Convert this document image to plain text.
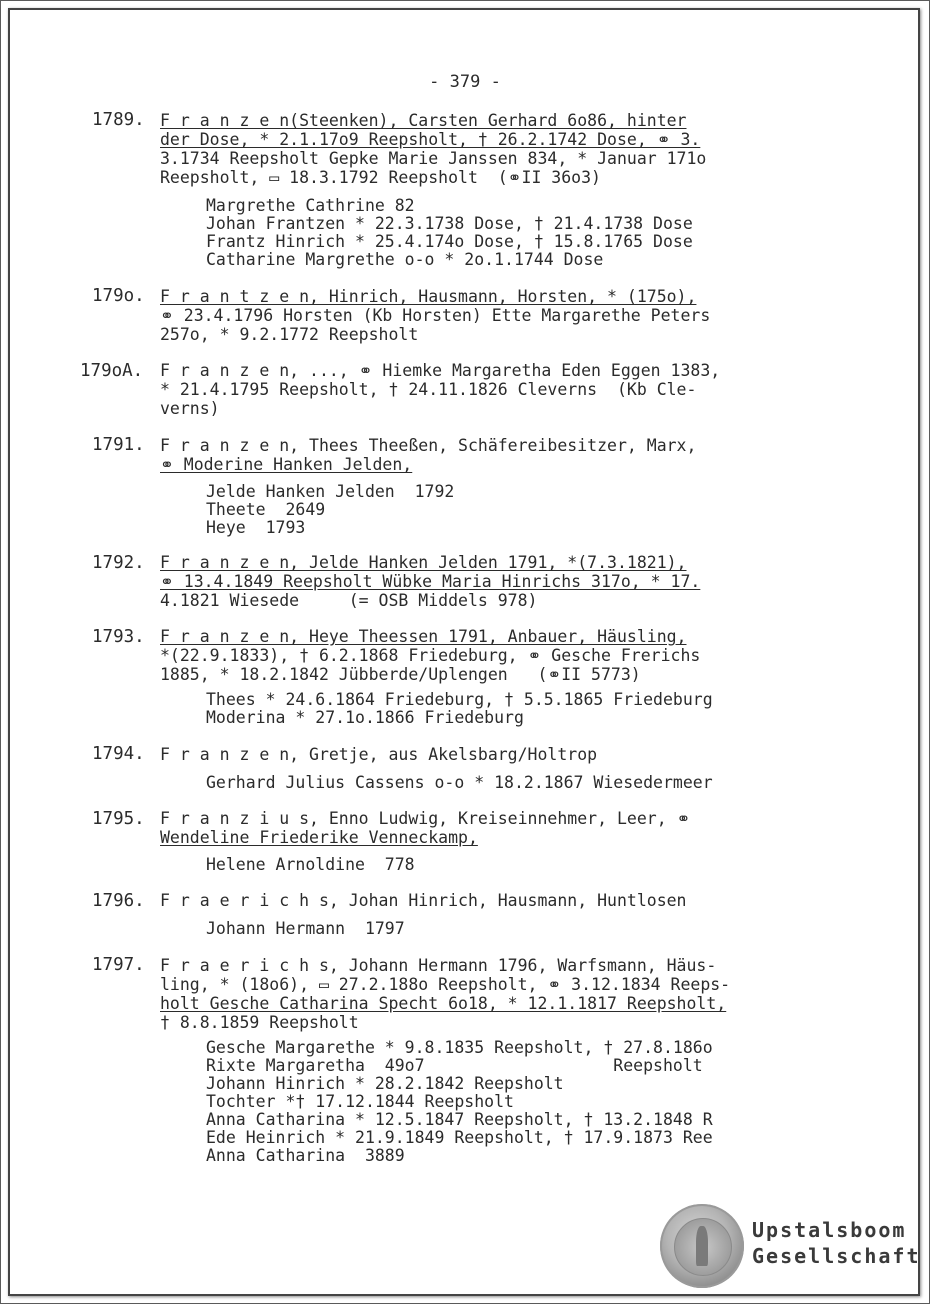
- 379 -
1789. F r a n z e n(Steenken), Carsten Gerhard 6o86, hinter
der Dose, * 2.1.17o9 Reepsholt, † 26.2.1742 Dose, ⚭ 3.
3.1734 Reepsholt Gepke Marie Janssen 834, * Januar 171o
Reepsholt, ▭ 18.3.1792 Reepsholt  (⚭II 36o3)
Margrethe Cathrine 82
Johan Frantzen * 22.3.1738 Dose, † 21.4.1738 Dose
Frantz Hinrich * 25.4.174o Dose, † 15.8.1765 Dose
Catharine Margrethe o-o * 2o.1.1744 Dose
179o. F r a n t z e n, Hinrich, Hausmann, Horsten, * (175o),
⚭ 23.4.1796 Horsten (Kb Horsten) Ette Margarethe Peters
257o, * 9.2.1772 Reepsholt
179oA.	F r a n z e n, ..., ⚭ Hiemke Margaretha Eden Eggen 1383,
* 21.4.1795 Reepsholt, † 24.11.1826 Cleverns  (Kb Cle-
verns)
1791. F r a n z e n, Thees Theeßen, Schäfereibesitzer, Marx,
⚭ Moderine Hanken Jelden,
Jelde Hanken Jelden  1792
Theete  2649
Heye  1793
1792. F r a n z e n, Jelde Hanken Jelden 1791, *(7.3.1821),
⚭ 13.4.1849 Reepsholt Wübke Maria Hinrichs 317o, * 17.
4.1821 Wiesede     (= OSB Middels 978)
1793. F r a n z e n, Heye Theessen 1791, Anbauer, Häusling,
*(22.9.1833), † 6.2.1868 Friedeburg, ⚭ Gesche Frerichs
1885, * 18.2.1842 Jübberde/Uplengen   (⚭II 5773)
Thees * 24.6.1864 Friedeburg, † 5.5.1865 Friedeburg
Moderina * 27.1o.1866 Friedeburg
1794. F r a n z e n, Gretje, aus Akelsbarg/Holtrop
Gerhard Julius Cassens o-o * 18.2.1867 Wiesedermeer
1795. F r a n z i u s, Enno Ludwig, Kreiseinnehmer, Leer, ⚭
Wendeline Friederike Venneckamp,
Helene Arnoldine  778
1796. F r a e r i c h s, Johan Hinrich, Hausmann, Huntlosen
Johann Hermann  1797
1797. F r a e r i c h s, Johann Hermann 1796, Warfsmann, Häus-
ling, * (18o6), ▭ 27.2.188o Reepsholt, ⚭ 3.12.1834 Reeps-
holt Gesche Catharina Specht 6o18, * 12.1.1817 Reepsholt,
† 8.8.1859 Reepsholt
Gesche Margarethe * 9.8.1835 Reepsholt, † 27.8.186o
Rixte Margaretha  49o7                   Reepsholt
Johann Hinrich * 28.2.1842 Reepsholt
Tochter *† 17.12.1844 Reepsholt
Anna Catharina * 12.5.1847 Reepsholt, † 13.2.1848 R
Ede Heinrich * 21.9.1849 Reepsholt, † 17.9.1873 Ree
Anna Catharina  3889
Upstalsboom
Gesellschaft
